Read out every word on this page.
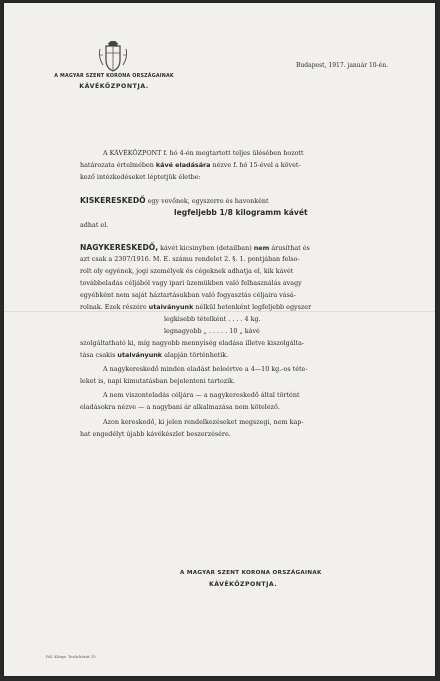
A MAGYAR SZENT KORONA ORSZÁGAINAK
KÁVÉKÖZPONTJA.
Budapest, 1917. január 10-én.
A KÁVÉKÖZPONT f. hó 4-én megtartott teljes ülésében hozott
határozata értelmében kávé eladására nézve f. hó 15-ével a követ-
kező intézkedéseket léptetjük életbe:
KISKERESKEDŐ egy vevőnek, egyszerre és havonként
legfeljebb 1/8 kilogramm kávét
adhat el.
NAGYKERESKEDŐ, kávét kicsinyben (detailban) nem árusíthat és
azt csak a 2307/1916. M. E. számu rendelet 2. §. 1. pontjában felso-
rolt oly egyének, jogi személyek és cégeknek adhatja el, kik kávét
továbbeladás céljából vagy ipari üzemükben való felhasználás avagy
egyébként nem saját háztartásukban való fogyasztás céljaira vásá-
rolnak. Ezek részére utalványunk nélkül hetenként legfeljebb egyszer
legkisebb tételként . . . . 4 kg.
legnagyobb „ . . . . . 10 „ kávé
szolgáltatható ki, míg nagyobb mennyiség eladása illetve kiszolgálta-
tása csakis utalványunk alapján történhetik.
A nagykereskedő minden eladást beleértve a 4—10 kg.-os téte-
leket is, napi kimutatásban bejelenteni tartozik.
A nem viszonteladás céljára — a nagykereskedő által történt
eladásokra nézve — a nagybani ár alkalmazása nem kötelező.
Azon kereskedő, ki jelen rendelkezéseket megszegi, nem kap-
hat engedélyt újabb kávékészlet beszerzésére.
A MAGYAR SZENT KORONA ORSZÁGAINAK
KÁVÉKÖZPONTJA.
Pál. Kőnyv. Tesla-körút 15.
